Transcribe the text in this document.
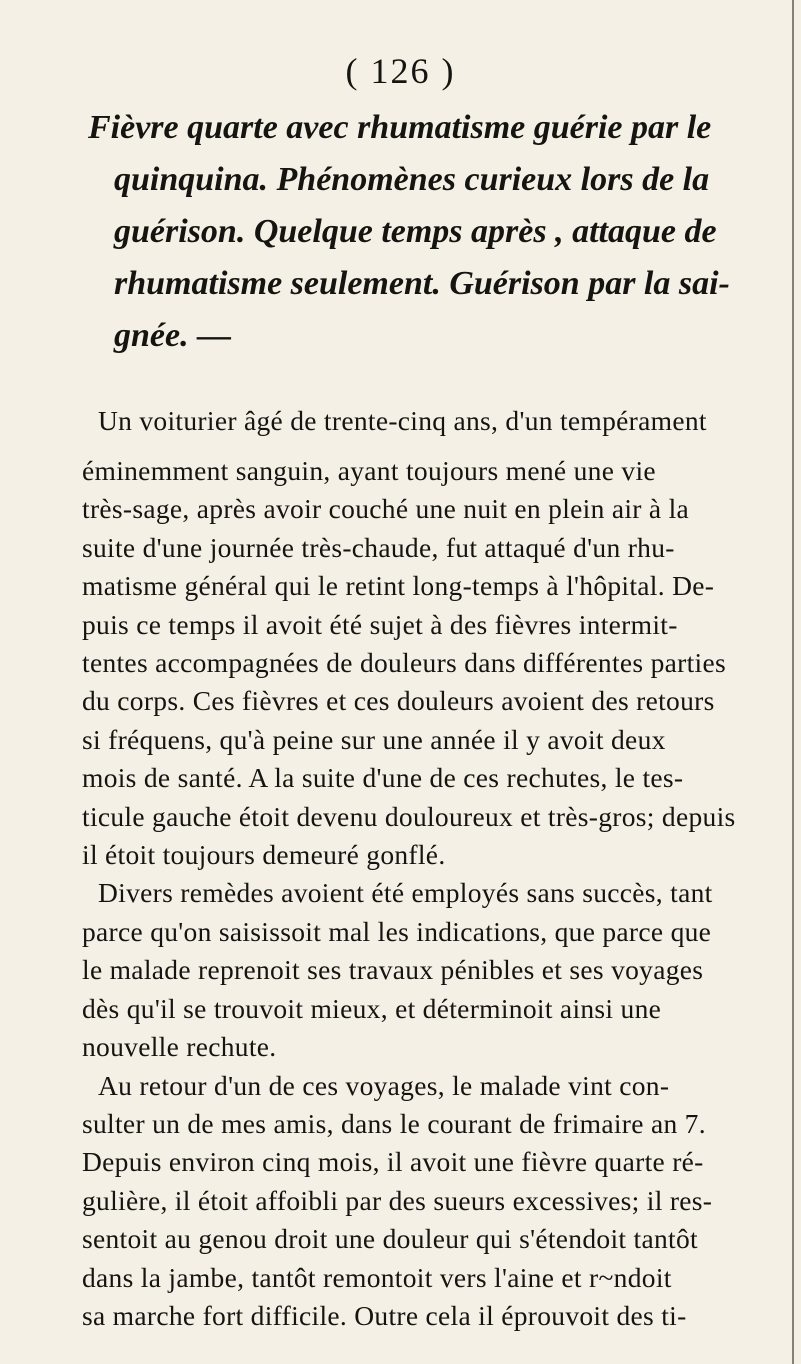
( 126 )
Fièvre quarte avec rhumatisme guérie par le
quinquina. Phénomènes curieux lors de la
guérison. Quelque temps après , attaque de
rhumatisme seulement. Guérison par la sai-
gnée. —
Un voiturier âgé de trente-cinq ans, d'un tempérament
éminemment sanguin, ayant toujours mené une vie
très-sage, après avoir couché une nuit en plein air à la
suite d'une journée très-chaude, fut attaqué d'un rhu-
matisme général qui le retint long-temps à l'hôpital. De-
puis ce temps il avoit été sujet à des fièvres intermit-
tentes accompagnées de douleurs dans différentes parties
du corps. Ces fièvres et ces douleurs avoient des retours
si fréquens, qu'à peine sur une année il y avoit deux
mois de santé. A la suite d'une de ces rechutes, le tes-
ticule gauche étoit devenu douloureux et très-gros; depuis
il étoit toujours demeuré gonflé.
Divers remèdes avoient été employés sans succès, tant
parce qu'on saisissoit mal les indications, que parce que
le malade reprenoit ses travaux pénibles et ses voyages
dès qu'il se trouvoit mieux, et déterminoit ainsi une
nouvelle rechute.
Au retour d'un de ces voyages, le malade vint con-
sulter un de mes amis, dans le courant de frimaire an 7.
Depuis environ cinq mois, il avoit une fièvre quarte ré-
gulière, il étoit affoibli par des sueurs excessives; il res-
sentoit au genou droit une douleur qui s'étendoit tantôt
dans la jambe, tantôt remontoit vers l'aine et r~ndoit
sa marche fort difficile. Outre cela il éprouvoit des ti-
